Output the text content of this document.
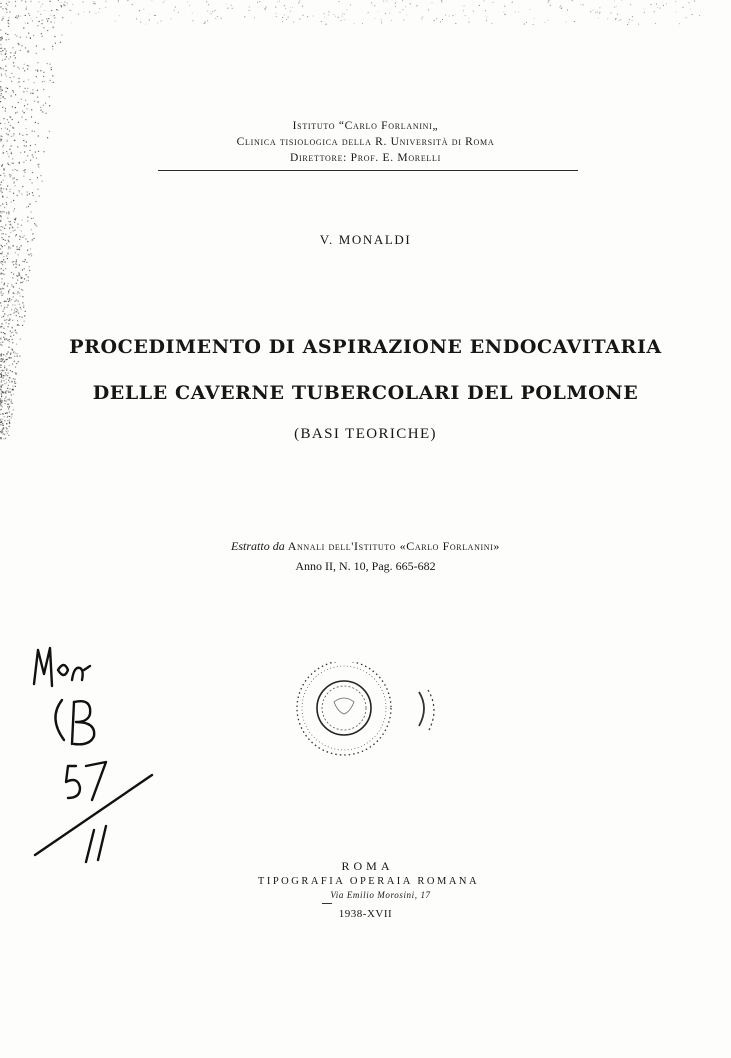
Istituto “Carlo Forlanini„
Clinica tisiologica della R. Università di Roma
Direttore: Prof. E. Morelli
V. MONALDI
PROCEDIMENTO DI ASPIRAZIONE ENDOCAVITARIA
DELLE CAVERNE TUBERCOLARI DEL POLMONE
(BASI TEORICHE)
Estratto da Annali dell'Istituto «Carlo Forlanini»
Anno II, N. 10, Pag. 665-682
ROMA
TIPOGRAFIA OPERAIA ROMANA
Via Emilio Morosini, 17
1938-XVII
